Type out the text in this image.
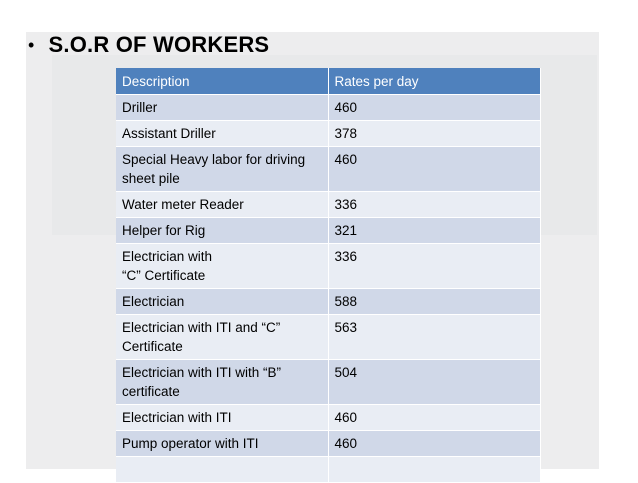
• S.O.R OF WORKERS
Description	Rates per day
Driller	460
Assistant Driller	378
Special Heavy labor for driving sheet pile	460
Water meter Reader	336
Helper for Rig	321
Electrician with
“C” Certificate	336
Electrician	588
Electrician with ITI and “C”
Certificate	563
Electrician with ITI with “B”
certificate	504
Electrician with ITI	460
Pump operator with ITI	460
